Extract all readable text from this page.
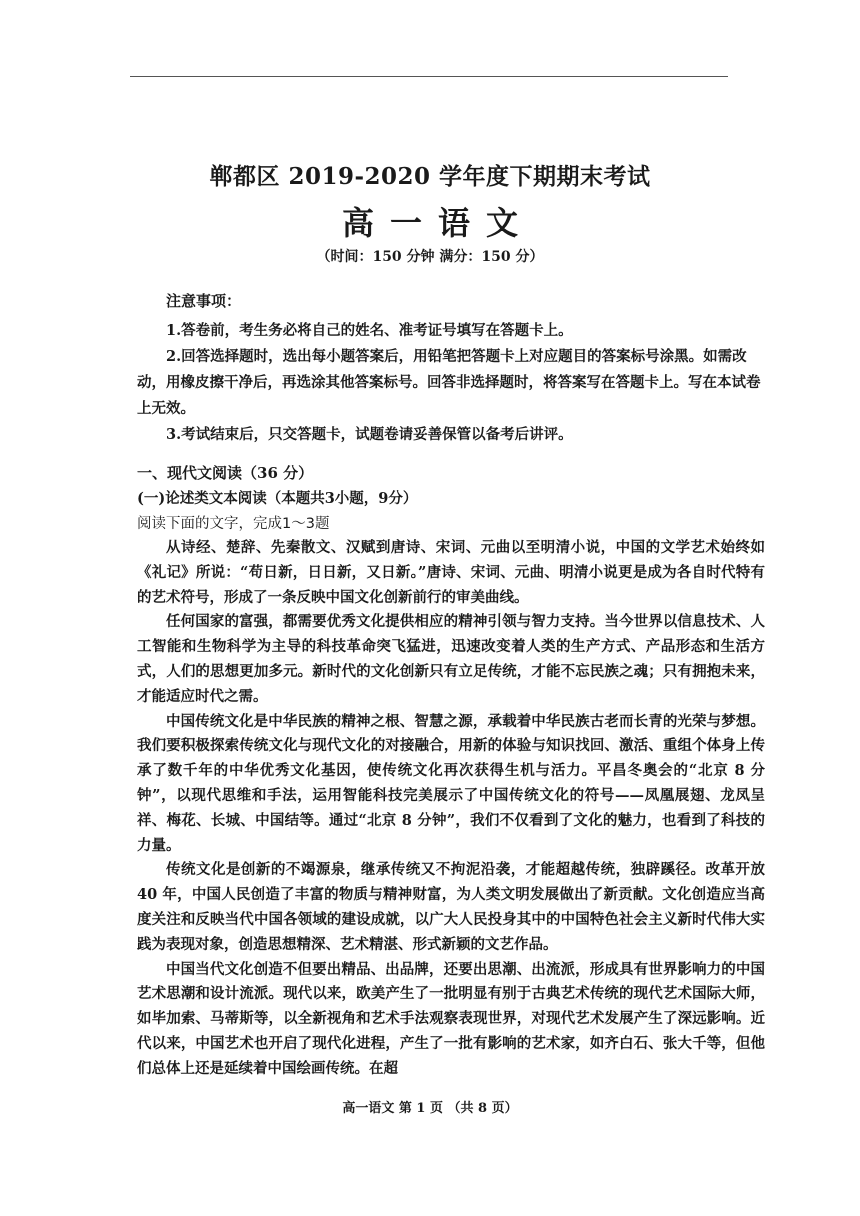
郸都区 2019-2020 学年度下期期末考试
高一语文
（时间：150 分钟 满分：150 分）
注意事项：

1.答卷前，考生务必将自己的姓名、准考证号填写在答题卡上。

2.回答选择题时，选出每小题答案后，用铅笔把答题卡上对应题目的答案标号涂黑。如需改动，用橡皮擦干净后，再选涂其他答案标号。回答非选择题时，将答案写在答题卡上。写在本试卷上无效。

3.考试结束后，只交答题卡，试题卷请妥善保管以备考后讲评。

一、现代文阅读（36 分）
(一)论述类文本阅读（本题共3小题，9分）
阅读下面的文字，完成1～3题

从诗经、楚辞、先秦散文、汉赋到唐诗、宋词、元曲以至明清小说，中国的文学艺术始终如《礼记》所说：“苟日新，日日新，又日新。”唐诗、宋词、元曲、明清小说更是成为各自时代特有的艺术符号，形成了一条反映中国文化创新前行的审美曲线。

任何国家的富强，都需要优秀文化提供相应的精神引领与智力支持。当今世界以信息技术、人工智能和生物科学为主导的科技革命突飞猛进，迅速改变着人类的生产方式、产品形态和生活方式，人们的思想更加多元。新时代的文化创新只有立足传统，才能不忘民族之魂；只有拥抱未来，才能适应时代之需。

中国传统文化是中华民族的精神之根、智慧之源，承载着中华民族古老而长青的光荣与梦想。我们要积极探索传统文化与现代文化的对接融合，用新的体验与知识找回、激活、重组个体身上传承了数千年的中华优秀文化基因，使传统文化再次获得生机与活力。平昌冬奥会的“北京 8 分钟”，以现代思维和手法，运用智能科技完美展示了中国传统文化的符号——凤凰展翅、龙凤呈祥、梅花、长城、中国结等。通过“北京 8 分钟”，我们不仅看到了文化的魅力，也看到了科技的力量。

传统文化是创新的不竭源泉，继承传统又不拘泥沿袭，才能超越传统，独辟蹊径。改革开放 40 年，中国人民创造了丰富的物质与精神财富，为人类文明发展做出了新贡献。文化创造应当高度关注和反映当代中国各领域的建设成就，以广大人民投身其中的中国特色社会主义新时代伟大实践为表现对象，创造思想精深、艺术精湛、形式新颖的文艺作品。

中国当代文化创造不但要出精品、出品牌，还要出思潮、出流派，形成具有世界影响力的中国艺术思潮和设计流派。现代以来，欧美产生了一批明显有别于古典艺术传统的现代艺术国际大师，如毕加索、马蒂斯等，以全新视角和艺术手法观察表现世界，对现代艺术发展产生了深远影响。近代以来，中国艺术也开启了现代化进程，产生了一批有影响的艺术家，如齐白石、张大千等，但他们总体上还是延续着中国绘画传统。在超

高一语文 第 1 页 （共 8 页）
